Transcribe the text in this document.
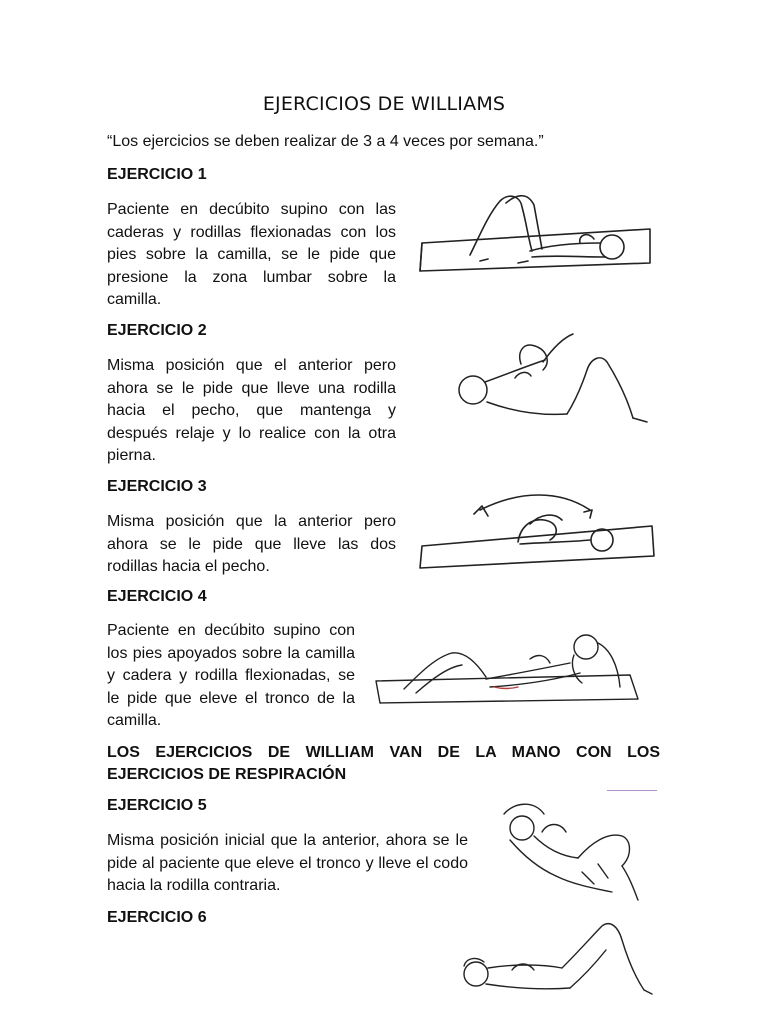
EJERCICIOS DE WILLIAMS
“Los ejercicios se deben realizar de 3 a 4 veces por semana.”
EJERCICIO 1
Paciente en decúbito supino con las caderas y rodillas flexionadas con los pies sobre la camilla, se le pide que presione la zona lumbar sobre la camilla.
EJERCICIO 2
Misma posición que el anterior pero ahora se le pide que lleve una rodilla hacia el pecho, que mantenga y después relaje y lo realice con la otra pierna.
EJERCICIO 3
Misma posición que la anterior pero ahora se le pide que lleve las dos rodillas hacia el pecho.
EJERCICIO 4
Paciente en decúbito supino con los pies apoyados sobre la camilla y cadera y rodilla flexionadas, se le pide que eleve el tronco de la camilla.
LOS EJERCICIOS DE WILLIAM VAN DE LA MANO CON LOS EJERCICIOS DE RESPIRACIÓN
EJERCICIO 5
Misma posición inicial que la anterior, ahora se le pide al paciente que eleve el tronco y lleve el codo hacia la rodilla contraria.
EJERCICIO 6
